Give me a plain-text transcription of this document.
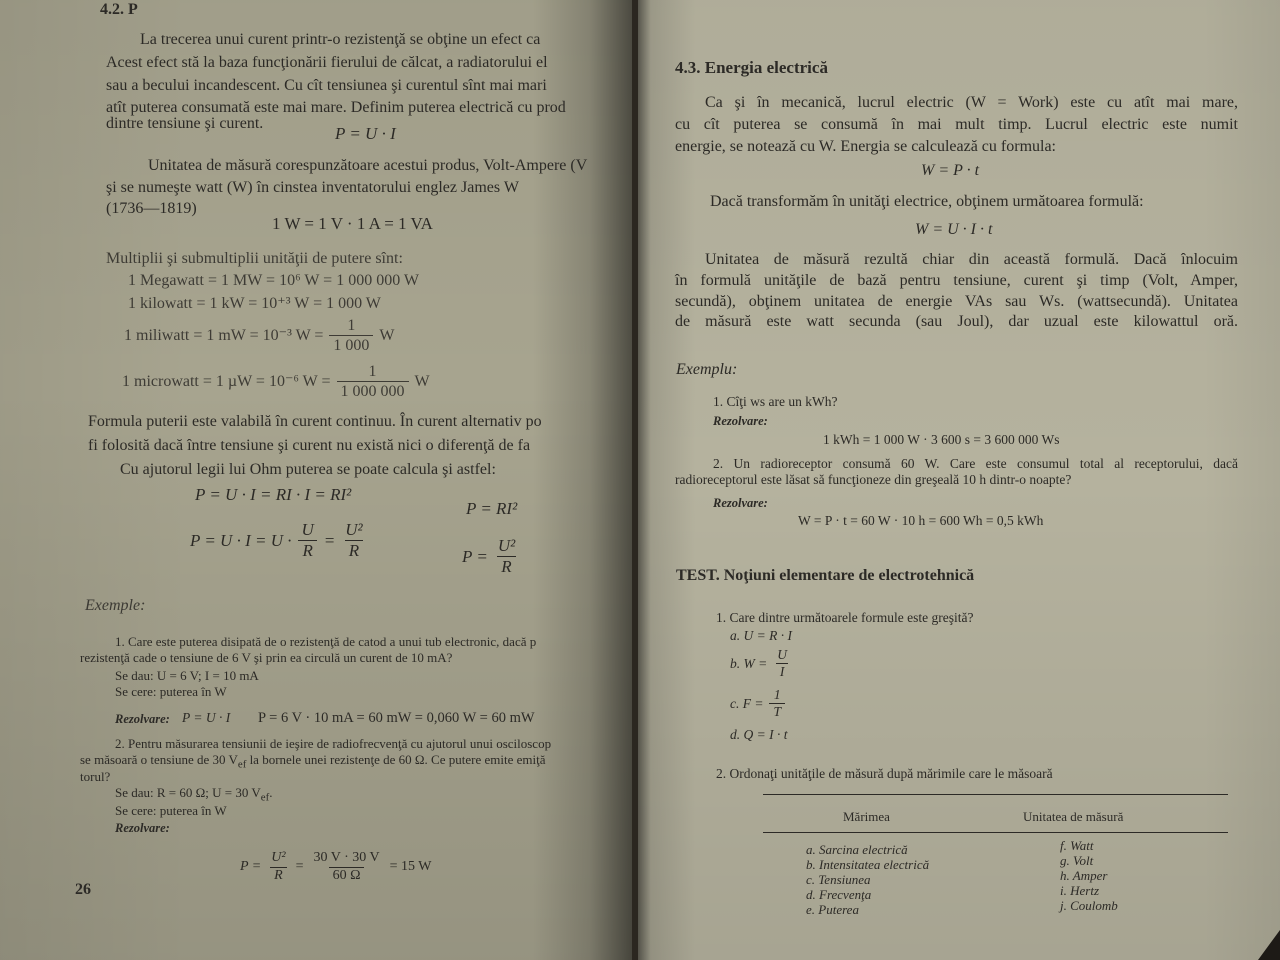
4.2. P
La trecerea unui curent printr-o rezistenţă se obţine un efect ca
Acest efect stă la baza funcţionării fierului de călcat, a radiatorului el
sau a becului incandescent. Cu cît tensiunea şi curentul sînt mai mari
atît puterea consumată este mai mare. Definim puterea electrică cu prod
dintre tensiune şi curent.
P = U · I
Unitatea de măsură corespunzătoare acestui produs, Volt-Ampere (V
şi se numeşte watt (W) în cinstea inventatorului englez James W
(1736—1819)
1 W = 1 V · 1 A = 1 VA
Multiplii şi submultiplii unităţii de putere sînt:
1 Megawatt = 1 MW = 10⁶ W = 1 000 000 W
1 kilowatt = 1 kW = 10⁺³ W = 1 000 W
1 miliwatt = 1 mW = 10⁻³ $W = \frac{1}{1 000}$ W
1 microwatt = 1 µW = 10⁻⁶ $W = \frac{1}{1 000 000}$ W
Formula puterii este valabilă în curent continuu. În curent alternativ po
fi folosită dacă între tensiune şi curent nu există nici o diferenţă de fa
Cu ajutorul legii lui Ohm puterea se poate calcula şi astfel:
P = U · I = RI · I = RI²
P = RI²
$P = U \cdot I = U \cdot \frac{U}{R} = \frac{\text{U²}}{R}$	$P = \frac{\text{U²}}{R}$
Exemple:
1. Care este puterea disipată de o rezistenţă de catod a unui tub electronic, dacă p
rezistenţă cade o tensiune de 6 V şi prin ea circulă un curent de 10 mA?
Se dau: U = 6 V; I = 10 mA
Se cere: puterea în W
Rezolvare: P = U · I P = 6 V · 10 mA = 60 mW = 0,060 W = 60 mW
2. Pentru măsurarea tensiunii de ieşire de radiofrecvenţă cu ajutorul unui osciloscop
se măsoară o tensiune de 30 $V_{ef}$ la bornele unei rezistenţe de 60 Ω. Ce putere emite emiţă
torul?
Se dau: R = 60 Ω; U = 30 $V_{ef}$.
Se cere: puterea în W
Rezolvare:
$P = \frac{\text{U²}}{R} = \frac{30 V \cdot 30 V}{60 \Omega} = 15$ W
26
4.3. Energia electrică
Ca şi în mecanică, lucrul electric (W = Work) este cu atît mai mare,
cu cît puterea se consumă în mai mult timp. Lucrul electric este numit
energie, se notează cu W. Energia se calculează cu formula:
W = P · t
Dacă transformăm în unităţi electrice, obţinem următoarea formulă:
W = U · I · t
Unitatea de măsură rezultă chiar din această formulă. Dacă înlocuim
în formulă unităţile de bază pentru tensiune, curent şi timp (Volt, Amper,
secundă), obţinem unitatea de energie VAs sau Ws. (wattsecundă). Unitatea
de măsură este watt secunda (sau Joul), dar uzual este kilowattul oră.
Exemplu:
1. Cîţi ws are un kWh?
Rezolvare:
1 kWh = 1 000 W · 3 600 s = 3 600 000 Ws
2. Un radioreceptor consumă 60 W. Care este consumul total al receptorului, dacă
radioreceptorul este lăsat să funcţioneze din greşeală 10 h dintr-o noapte?
Rezolvare:
W = P · t = 60 W · 10 h = 600 Wh = 0,5 kWh
TEST. Noţiuni elementare de electrotehnică
1. Care dintre următoarele formule este greşită?
a. U = R · I
b. $W = \frac{U}{I}$
c. $F = \frac{1}{T}$
d. Q = I · t
2. Ordonaţi unităţile de măsură după mărimile care le măsoară
Mărimea	Unitatea de măsură
a. Sarcina electrică
b. Intensitatea electrică
c. Tensiunea
d. Frecvenţa
e. Puterea
f. Watt
g. Volt
h. Amper
i. Hertz
j. Coulomb
